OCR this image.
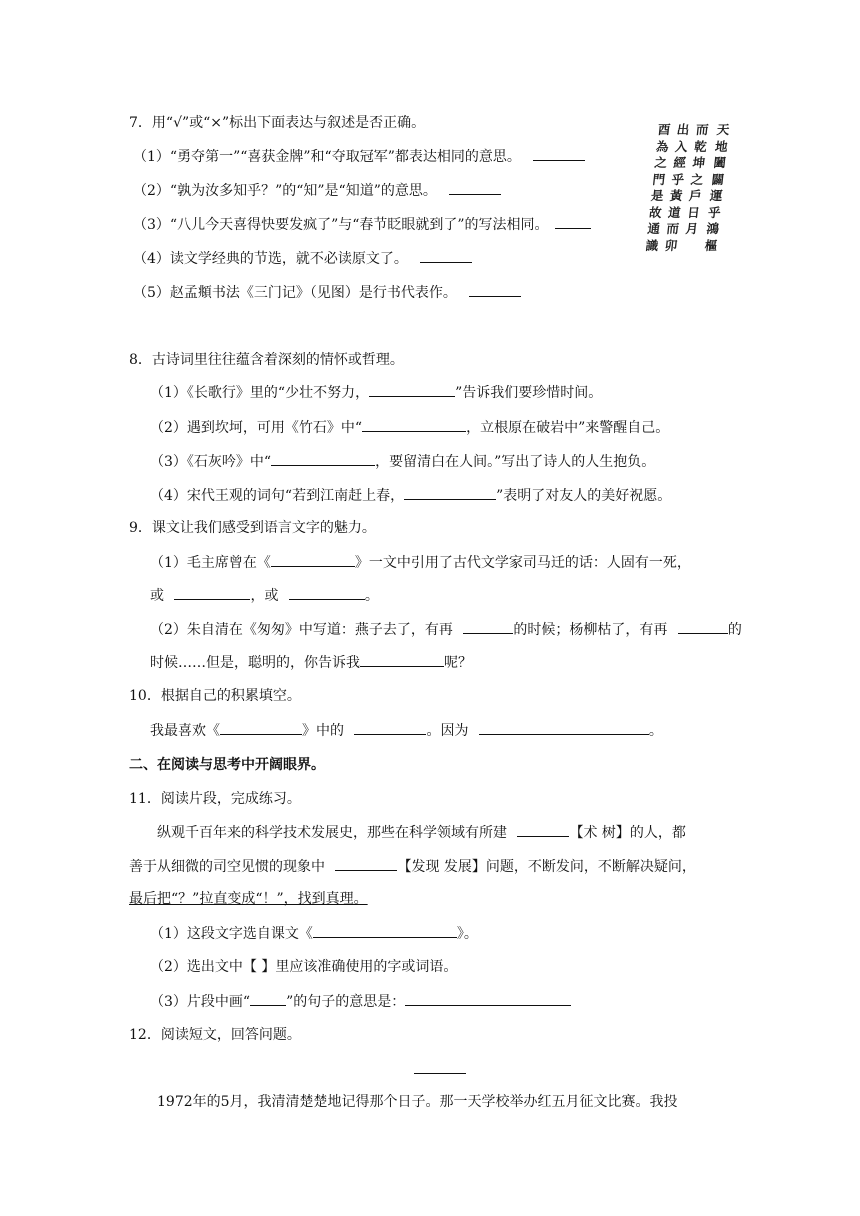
7．用“√”或“×”标出下面表达与叙述是否正确。
（1）“勇夺第一”“喜获金牌”和“夺取冠军”都表达相同的意思。
（2）“孰为汝多知乎？”的“知”是“知道”的意思。
（3）“八儿今天喜得快要发疯了”与“春节眨眼就到了”的写法相同。
（4）读文学经典的节选，就不必读原文了。
（5）赵孟頫书法《三门记》（见图）是行书代表作。
天地闔闢運乎鴻樞
而乾坤之戶日月
出入經乎黃道而卯
酉為之門是故通識
8．古诗词里往往蕴含着深刻的情怀或哲理。
（1）《长歌行》里的“少壮不努力，	”告诉我们要珍惜时间。
（2）遇到坎坷，可用《竹石》中“	，立根原在破岩中”来警醒自己。
（3）《石灰吟》中“	，要留清白在人间。”写出了诗人的人生抱负。
（4）宋代王观的词句“若到江南赶上春，	”表明了对友人的美好祝愿。
9．课文让我们感受到语言文字的魅力。
（1）毛主席曾在《	》一文中引用了古代文学家司马迁的话：人固有一死，
或	，或	。
（2）朱自清在《匆匆》中写道：燕子去了，有再	的时候；杨柳枯了，有再	的
时候……但是，聪明的，你告诉我	呢？
10．根据自己的积累填空。
我最喜欢《	》中的	。因为	。
二、在阅读与思考中开阔眼界。
11．阅读片段，完成练习。
纵观千百年来的科学技术发展史，那些在科学领域有所建	【术 树】的人，都
善于从细微的司空见惯的现象中	【发现 发展】问题，不断发问，不断解决疑问，
最后把“？”拉直变成“！”，找到真理。
（1）这段文字选自课文《	》。
（2）选出文中【 】里应该准确使用的字或词语。
（3）片段中画“	”的句子的意思是：
12．阅读短文，回答问题。
1972年的5月，我清清楚楚地记得那个日子。那一天学校举办红五月征文比赛。我投
